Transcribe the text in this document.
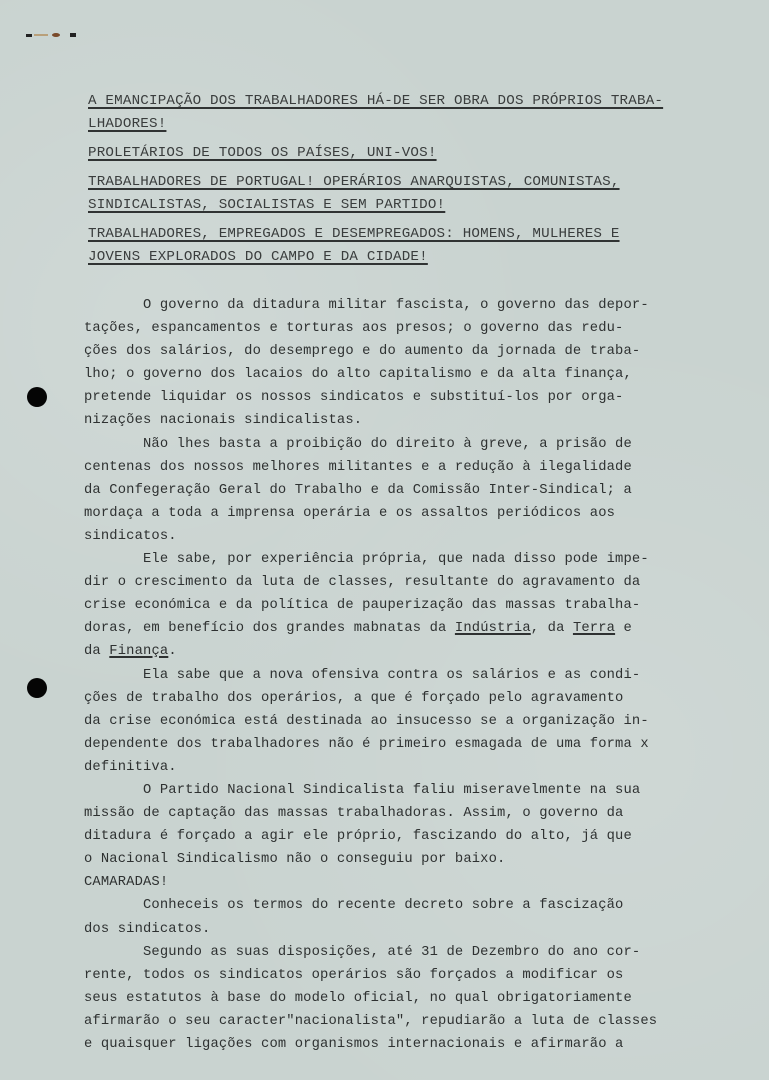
A EMANCIPAÇÃO DOS TRABALHADORES HÁ-DE SER OBRA DOS PRÓPRIOS TRABA-
LHADORES!
PROLETÁRIOS DE TODOS OS PAÍSES, UNI-VOS!
TRABALHADORES DE PORTUGAL! OPERÁRIOS ANARQUISTAS, COMUNISTAS,
SINDICALISTAS, SOCIALISTAS E SEM PARTIDO!
TRABALHADORES, EMPREGADOS E DESEMPREGADOS: HOMENS, MULHERES E
JOVENS EXPLORADOS DO CAMPO E DA CIDADE!
O governo da ditadura militar fascista, o governo das depor-
tações, espancamentos e torturas aos presos; o governo das redu-
ções dos salários, do desemprego e do aumento da jornada de traba-
lho; o governo dos lacaios do alto capitalismo e da alta finança,
pretende liquidar os nossos sindicatos e substituí-los por orga-
nizações nacionais sindicalistas.
Não lhes basta a proibição do direito à greve, a prisão de
centenas dos nossos melhores militantes e a redução à ilegalidade
da Confegeração Geral do Trabalho e da Comissão Inter-Sindical; a
mordaça a toda a imprensa operária e os assaltos periódicos aos
sindicatos.
Ele sabe, por experiência própria, que nada disso pode impe-
dir o crescimento da luta de classes, resultante do agravamento da
crise económica e da política de pauperização das massas trabalha-
doras, em benefício dos grandes mabnatas da Indústria, da Terra e
da Finança.
Ela sabe que a nova ofensiva contra os salários e as condi-
ções de trabalho dos operários, a que é forçado pelo agravamento
da crise económica está destinada ao insucesso se a organização in-
dependente dos trabalhadores não é primeiro esmagada de uma forma x
definitiva.
O Partido Nacional Sindicalista faliu miseravelmente na sua
missão de captação das massas trabalhadoras. Assim, o governo da
ditadura é forçado a agir ele próprio, fascizando do alto, já que
o Nacional Sindicalismo não o conseguiu por baixo.
CAMARADAS!
Conheceis os termos do recente decreto sobre a fascização
dos sindicatos.
Segundo as suas disposições, até 31 de Dezembro do ano cor-
rente, todos os sindicatos operários são forçados a modificar os
seus estatutos à base do modelo oficial, no qual obrigatoriamente
afirmarão o seu caracter"nacionalista", repudiarão a luta de classes
e quaisquer ligações com organismos internacionais e afirmarão a
